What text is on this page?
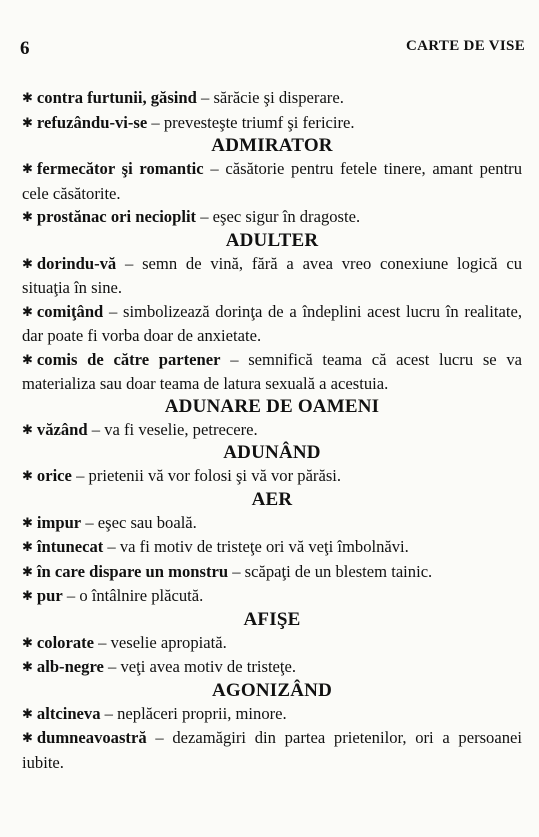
6	CARTE DE VISE
✱ contra furtunii, găsind – sărăcie şi disperare.
✱ refuzându-vi-se – prevesteşte triumf şi fericire.
ADMIRATOR
✱ fermecător şi romantic – căsătorie pentru fetele tinere, amant pentru cele căsătorite.
✱ prostănac ori necioplit – eşec sigur în dragoste.
ADULTER
✱ dorindu-vă – semn de vină, fără a avea vreo conexiune logică cu situaţia în sine.
✱ comiţând – simbolizează dorinţa de a îndeplini acest lucru în realitate, dar poate fi vorba doar de anxietate.
✱ comis de către partener – semnifică teama că acest lucru se va materializa sau doar teama de latura sexuală a acestuia.
ADUNARE DE OAMENI
✱ văzând – va fi veselie, petrecere.
ADUNÂND
✱ orice – prietenii vă vor folosi şi vă vor părăsi.
AER
✱ impur – eşec sau boală.
✱ întunecat – va fi motiv de tristeţe ori vă veţi îmbolnăvi.
✱ în care dispare un monstru – scăpaţi de un blestem tainic.
✱ pur – o întâlnire plăcută.
AFIŞE
✱ colorate – veselie apropiată.
✱ alb-negre – veţi avea motiv de tristeţe.
AGONIZÂND
✱ altcineva – neplăceri proprii, minore.
✱ dumneavoastră – dezamăgiri din partea prietenilor, ori a persoanei iubite.
